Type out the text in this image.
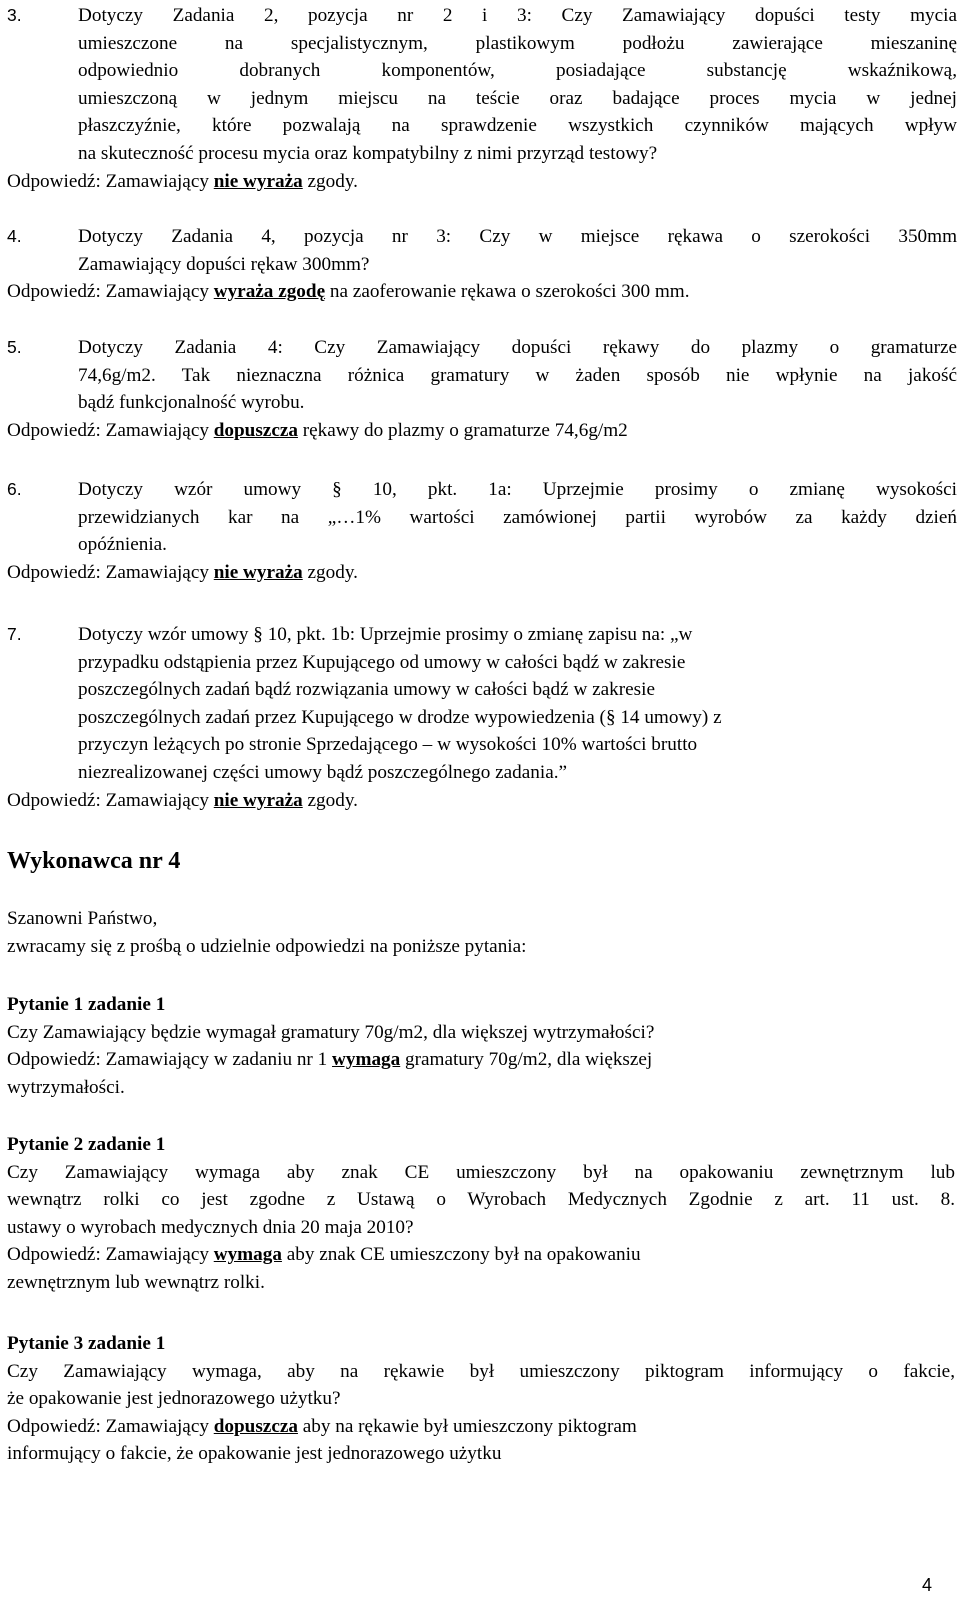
3.	Dotyczy Zadania 2, pozycja nr 2 i 3: Czy Zamawiający dopuści testy mycia
umieszczone na specjalistycznym, plastikowym podłożu zawierające mieszaninę
odpowiednio dobranych komponentów, posiadające substancję wskaźnikową,
umieszczoną w jednym miejscu na teście oraz badające proces mycia w jednej
płaszczyźnie, które pozwalają na sprawdzenie wszystkich czynników mających wpływ
na skuteczność procesu mycia oraz kompatybilny z nimi przyrząd testowy?
Odpowiedź: Zamawiający nie wyraża zgody.
4.	Dotyczy Zadania 4, pozycja nr 3: Czy w miejsce rękawa o szerokości 350mm
Zamawiający dopuści rękaw 300mm?
Odpowiedź: Zamawiający wyraża zgodę na zaoferowanie rękawa o szerokości 300 mm.
5.	Dotyczy Zadania 4: Czy Zamawiający dopuści rękawy do plazmy o gramaturze
74,6g/m2. Tak nieznaczna różnica gramatury w żaden sposób nie wpłynie na jakość
bądź funkcjonalność wyrobu.
Odpowiedź: Zamawiający dopuszcza rękawy do plazmy o gramaturze 74,6g/m2
6.	Dotyczy wzór umowy § 10, pkt. 1a: Uprzejmie prosimy o zmianę wysokości
przewidzianych kar na „…1% wartości zamówionej partii wyrobów za każdy dzień
opóźnienia.
Odpowiedź: Zamawiający nie wyraża zgody.
7.	Dotyczy wzór umowy § 10, pkt. 1b: Uprzejmie prosimy o zmianę zapisu na: „w
przypadku odstąpienia przez Kupującego od umowy w całości bądź w zakresie
poszczególnych zadań bądź rozwiązania umowy w całości bądź w zakresie
poszczególnych zadań przez Kupującego w drodze wypowiedzenia (§ 14 umowy) z
przyczyn leżących po stronie Sprzedającego – w wysokości 10% wartości brutto
niezrealizowanej części umowy bądź poszczególnego zadania.”
Odpowiedź: Zamawiający nie wyraża zgody.

Wykonawca nr 4

Szanowni Państwo,

zwracamy się z prośbą o udzielnie odpowiedzi na poniższe pytania:

Pytanie 1 zadanie 1

Czy Zamawiający będzie wymagał gramatury 70g/m2, dla większej wytrzymałości?

Odpowiedź: Zamawiający w zadaniu nr 1 wymaga gramatury 70g/m2, dla większej

wytrzymałości.

Pytanie 2 zadanie 1

Czy Zamawiający wymaga aby znak CE umieszczony był na opakowaniu zewnętrznym lub

wewnątrz rolki co jest zgodne z Ustawą o Wyrobach Medycznych Zgodnie z art. 11 ust. 8.

ustawy o wyrobach medycznych dnia 20 maja 2010?

Odpowiedź: Zamawiający wymaga aby znak CE umieszczony był na opakowaniu

zewnętrznym lub wewnątrz rolki.

Pytanie 3 zadanie 1

Czy Zamawiający wymaga, aby na rękawie był umieszczony piktogram informujący o fakcie,

że opakowanie jest jednorazowego użytku?

Odpowiedź: Zamawiający dopuszcza aby na rękawie był umieszczony piktogram

informujący o fakcie, że opakowanie jest jednorazowego użytku

4
